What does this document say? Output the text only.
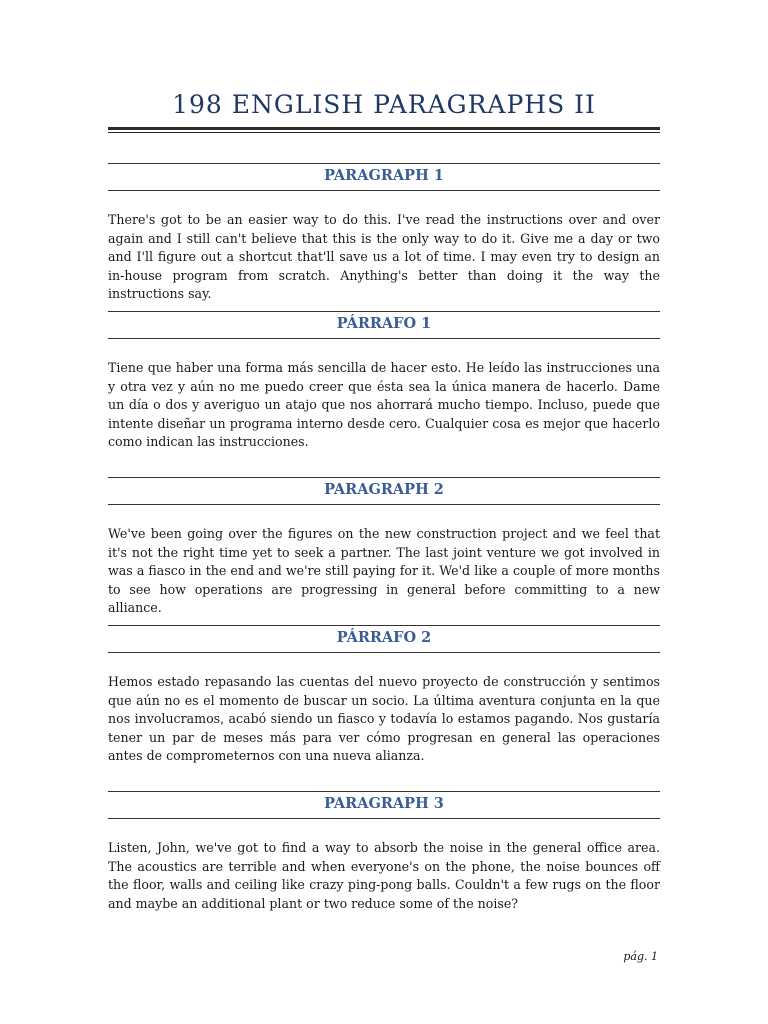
198 ENGLISH PARAGRAPHS II
PARAGRAPH 1

There's got to be an easier way to do this. I've read the instructions over and over again and I still can't believe that this is the only way to do it. Give me a day or two and I'll figure out a shortcut that'll save us a lot of time. I may even try to design an in-house program from scratch. Anything's better than doing it the way the instructions say.

PÁRRAFO 1

Tiene que haber una forma más sencilla de hacer esto. He leído las instrucciones una y otra vez y aún no me puedo creer que ésta sea la única manera de hacerlo. Dame un día o dos y averiguo un atajo que nos ahorrará mucho tiempo. Incluso, puede que intente diseñar un programa interno desde cero. Cualquier cosa es mejor que hacerlo como indican las instrucciones.

PARAGRAPH 2

We've been going over the figures on the new construction project and we feel that it's not the right time yet to seek a partner. The last joint venture we got involved in was a fiasco in the end and we're still paying for it. We'd like a couple of more months to see how operations are progressing in general before committing to a new alliance.

PÁRRAFO 2

Hemos estado repasando las cuentas del nuevo proyecto de construcción y sentimos que aún no es el momento de buscar un socio. La última aventura conjunta en la que nos involucramos, acabó siendo un fiasco y todavía lo estamos pagando. Nos gustaría tener un par de meses más para ver cómo progresan en general las operaciones antes de comprometernos con una nueva alianza.

PARAGRAPH 3

Listen, John, we've got to find a way to absorb the noise in the general office area. The acoustics are terrible and when everyone's on the phone, the noise bounces off the floor, walls and ceiling like crazy ping-pong balls. Couldn't a few rugs on the floor and maybe an additional plant or two reduce some of the noise?

pág. 1
